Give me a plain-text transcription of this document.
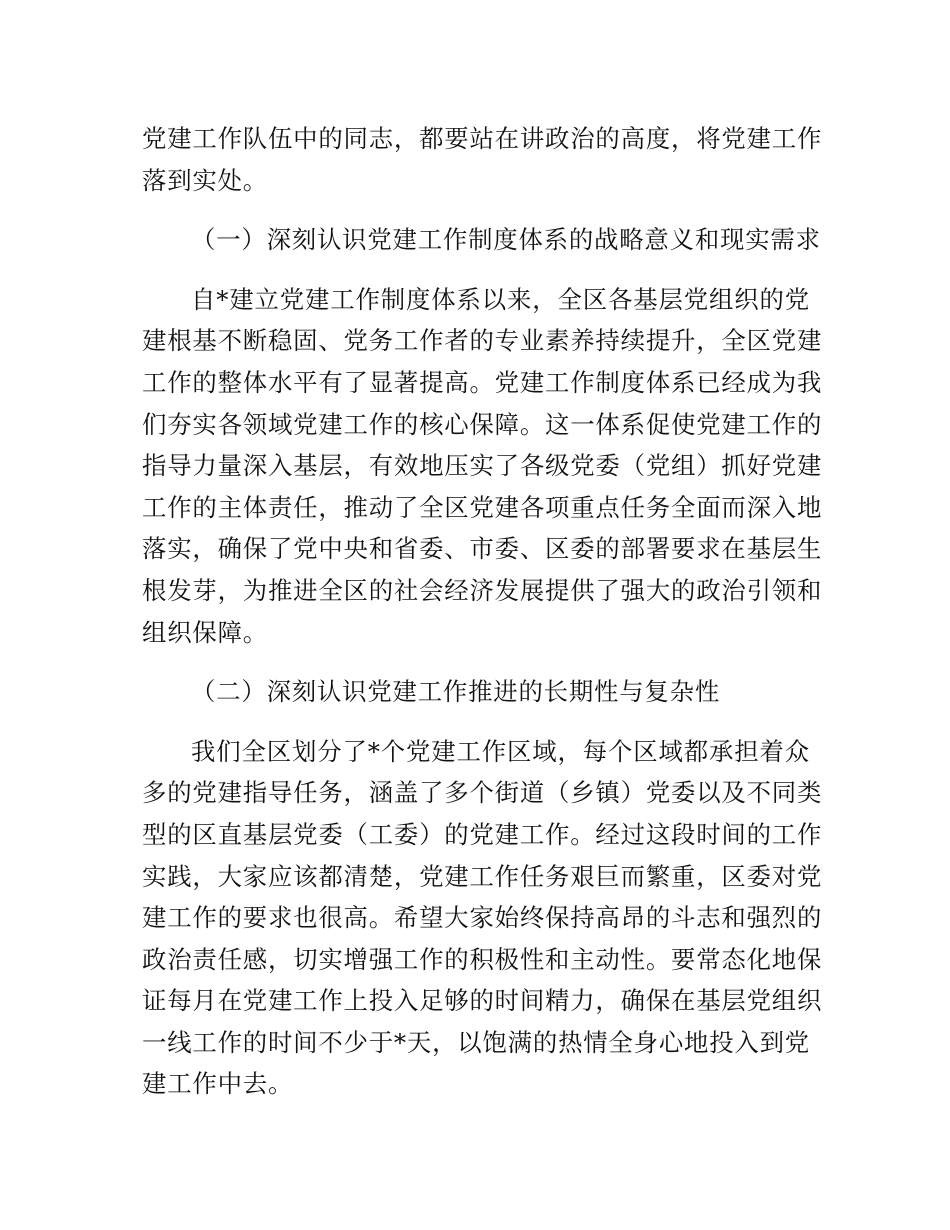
党建工作队伍中的同志，都要站在讲政治的高度，将党建工作
落到实处。
（一）深刻认识党建工作制度体系的战略意义和现实需求
自*建立党建工作制度体系以来，全区各基层党组织的党
建根基不断稳固、党务工作者的专业素养持续提升，全区党建
工作的整体水平有了显著提高。党建工作制度体系已经成为我
们夯实各领域党建工作的核心保障。这一体系促使党建工作的
指导力量深入基层，有效地压实了各级党委（党组）抓好党建
工作的主体责任，推动了全区党建各项重点任务全面而深入地
落实，确保了党中央和省委、市委、区委的部署要求在基层生
根发芽，为推进全区的社会经济发展提供了强大的政治引领和
组织保障。
（二）深刻认识党建工作推进的长期性与复杂性
我们全区划分了*个党建工作区域，每个区域都承担着众
多的党建指导任务，涵盖了多个街道（乡镇）党委以及不同类
型的区直基层党委（工委）的党建工作。经过这段时间的工作
实践，大家应该都清楚，党建工作任务艰巨而繁重，区委对党
建工作的要求也很高。希望大家始终保持高昂的斗志和强烈的
政治责任感，切实增强工作的积极性和主动性。要常态化地保
证每月在党建工作上投入足够的时间精力，确保在基层党组织
一线工作的时间不少于*天，以饱满的热情全身心地投入到党
建工作中去。
